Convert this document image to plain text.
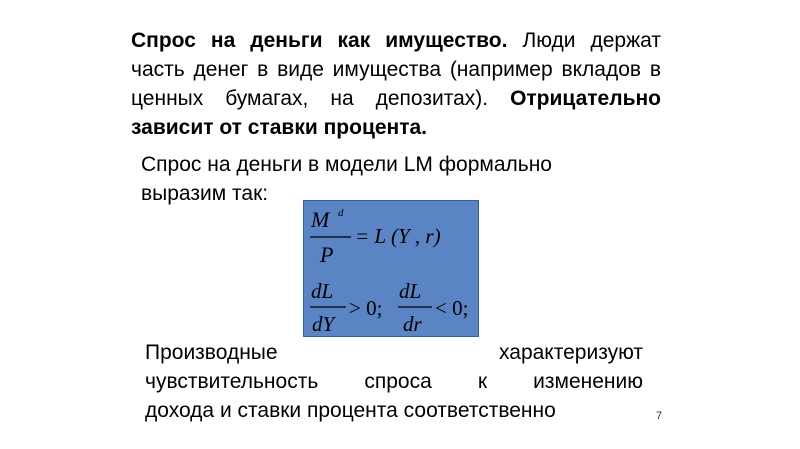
Спрос на деньги как имущество. Люди держат часть денег в виде имущества (например вкладов в ценных бумагах, на депозитах). Отрицательно зависит от ставки процента.
Спрос на деньги в модели LM формально
выразим так:
M d
P
= L (Y , r)
dL
dY
> 0;
dL
dr
< 0;
Производные	характеризуют
чувствительность спроса к изменению
дохода и ставки процента соответственно	7
